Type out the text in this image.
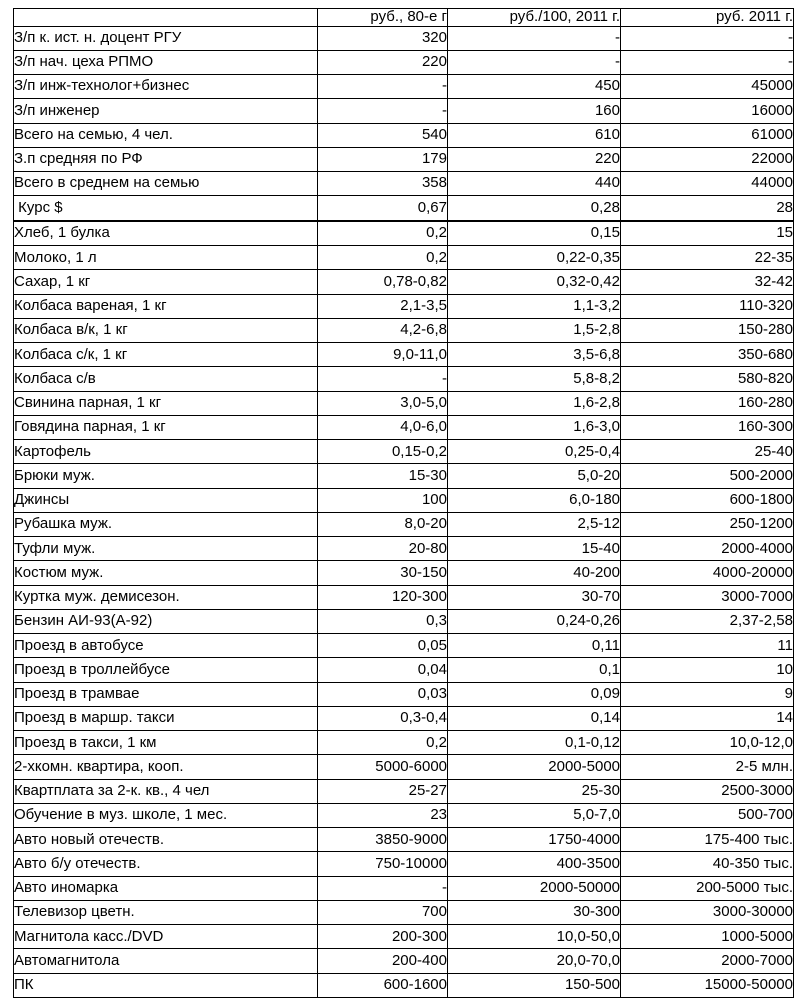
	руб., 80-е г	руб./100, 2011 г.	руб. 2011 г.
З/п к. ист. н. доцент РГУ	320	-	-
З/п нач. цеха РПМО	220	-	-
З/п инж-технолог+бизнес	-	450	45000
З/п инженер	-	160	16000
Всего на семью, 4 чел.	540	610	61000
З.п средняя по РФ	179	220	22000
Всего в среднем на семью	358	440	44000
Курс $	0,67	0,28	28

Хлеб, 1 булка	0,2	0,15	15
Молоко, 1 л	0,2	0,22-0,35	22-35
Сахар, 1 кг	0,78-0,82	0,32-0,42	32-42
Колбаса вареная, 1 кг	2,1-3,5	1,1-3,2	110-320
Колбаса в/к, 1 кг	4,2-6,8	1,5-2,8	150-280
Колбаса с/к, 1 кг	9,0-11,0	3,5-6,8	350-680
Колбаса с/в	-	5,8-8,2	580-820
Свинина парная, 1 кг	3,0-5,0	1,6-2,8	160-280
Говядина парная, 1 кг	4,0-6,0	1,6-3,0	160-300
Картофель	0,15-0,2	0,25-0,4	25-40
Брюки муж.	15-30	5,0-20	500-2000
Джинсы	100	6,0-180	600-1800
Рубашка муж.	8,0-20	2,5-12	250-1200
Туфли муж.	20-80	15-40	2000-4000
Костюм муж.	30-150	40-200	4000-20000
Куртка муж. демисезон.	120-300	30-70	3000-7000
Бензин АИ-93(А-92)	0,3	0,24-0,26	2,37-2,58
Проезд в автобусе	0,05	0,11	11
Проезд в троллейбусе	0,04	0,1	10
Проезд в трамвае	0,03	0,09	9
Проезд в маршр. такси	0,3-0,4	0,14	14
Проезд в такси, 1 км	0,2	0,1-0,12	10,0-12,0
2-хкомн. квартира, кооп.	5000-6000	2000-5000	2-5 млн.
Квартплата за 2-к. кв., 4 чел	25-27	25-30	2500-3000
Обучение в муз. школе, 1 мес.	23	5,0-7,0	500-700
Авто новый отечеств.	3850-9000	1750-4000	175-400 тыс.
Авто б/у отечеств.	750-10000	400-3500	40-350 тыс.
Авто иномарка	-	2000-50000	200-5000 тыс.
Телевизор цветн.	700	30-300	3000-30000
Магнитола касс./DVD	200-300	10,0-50,0	1000-5000
Автомагнитола	200-400	20,0-70,0	2000-7000
ПК	600-1600	150-500	15000-50000
